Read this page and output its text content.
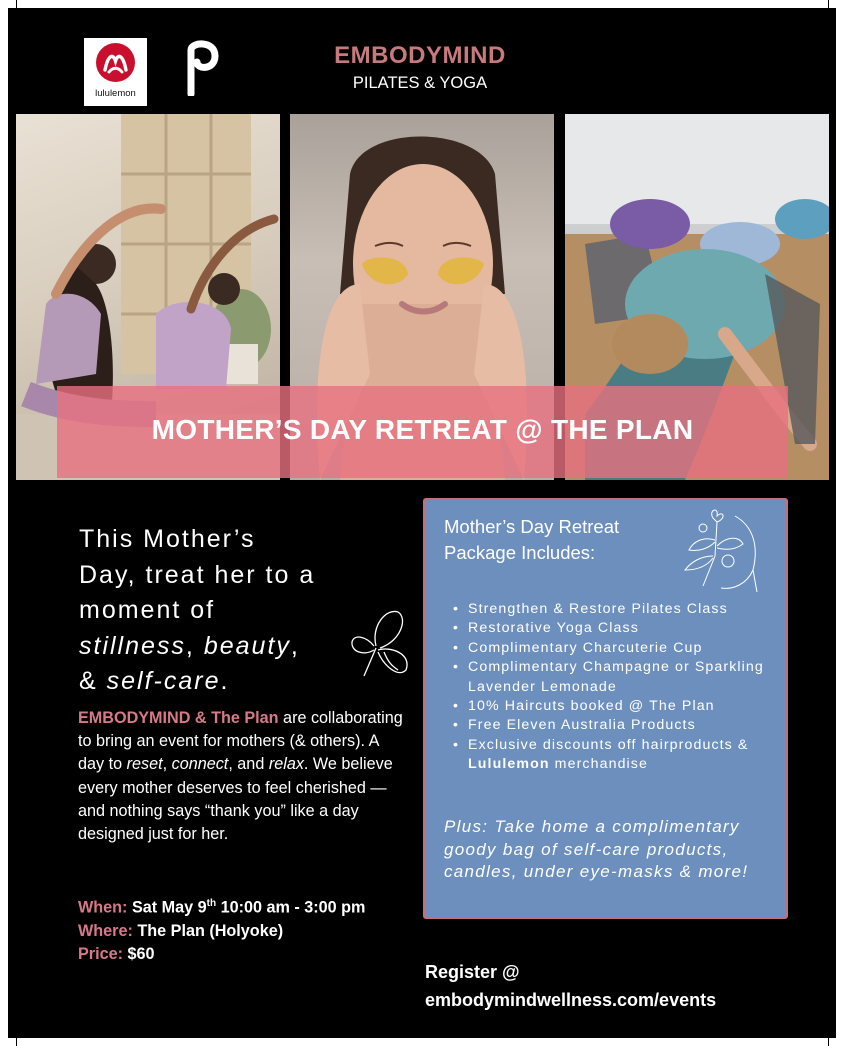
lululemon
EMBODYMIND
PILATES & YOGA
MOTHER’S DAY RETREAT @ THE PLAN
This Mother’s
Day, treat her to a
moment of
stillness, beauty,
& self-care.
EMBODYMIND & The Plan are collaborating to bring an event for mothers (& others). A day to reset, connect, and relax. We believe every mother deserves to feel cherished — and nothing says “thank you” like a day designed just for her.
When: Sat May 9th 10:00 am - 3:00 pm
Where: The Plan (Holyoke)
Price: $60
Mother’s Day Retreat
Package Includes:
• Strengthen & Restore Pilates Class
• Restorative Yoga Class
• Complimentary Charcuterie Cup
• Complimentary Champagne or Sparkling Lavender Lemonade
• 10% Haircuts booked @ The Plan
• Free Eleven Australia Products
• Exclusive discounts off hairproducts & Lululemon merchandise
Plus: Take home a complimentary goody bag of self-care products, candles, under eye-masks & more!
Register @
embodymindwellness.com/events
